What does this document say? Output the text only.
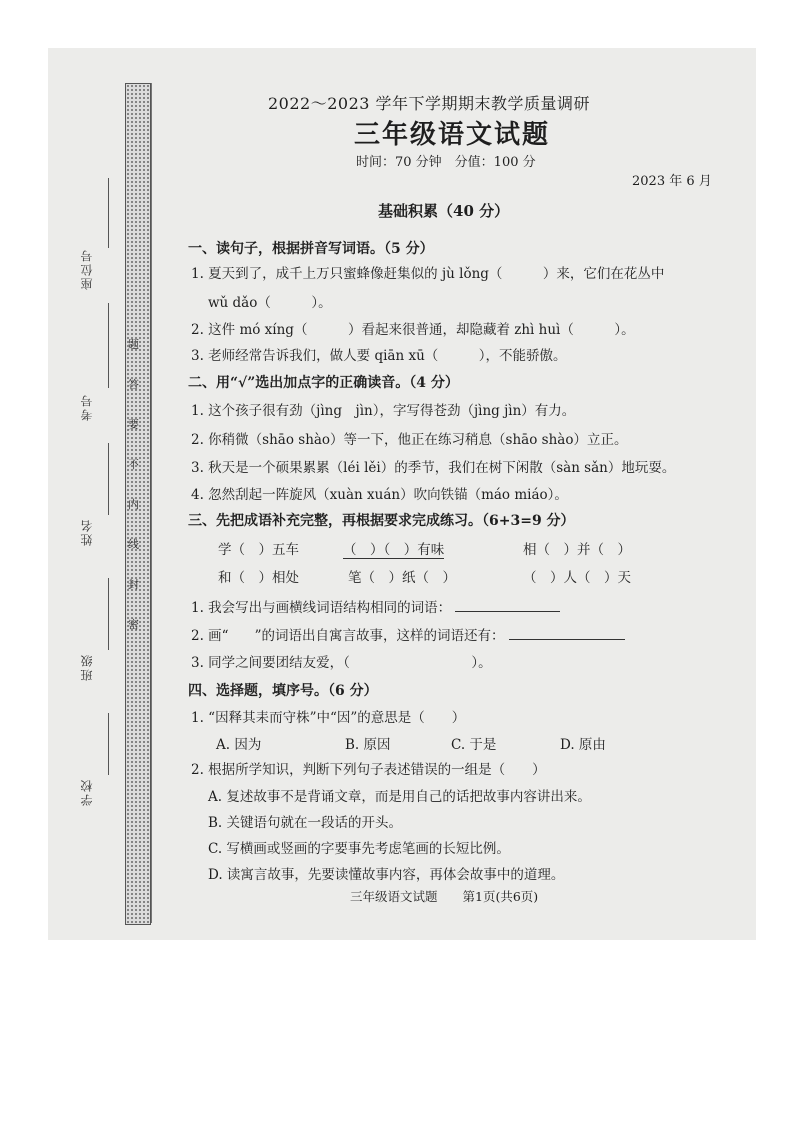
题
答
要
不
内
线
封
密
座位号
考号
姓名
班级
学校
2022～2023 学年下学期期末教学质量调研
三年级语文试题
时间：70 分钟　分值：100 分
2023 年 6 月
基础积累（40 分）
一、读句子，根据拼音写词语。（5 分）
1. 夏天到了，成千上万只蜜蜂像赶集似的 jù lǒng（　　　）来，它们在花丛中
wǔ dǎo（　　　）。
2. 这件 mó xíng（　　　）看起来很普通，却隐藏着 zhì huì（　　　）。
3. 老师经常告诉我们，做人要 qiān xū（　　　），不能骄傲。
二、用“√”选出加点字的正确读音。（4 分）
1. 这个孩子很有劲（jìng　jìn），字写得苍劲（jìng jìn）有力。
2. 你稍微（shāo shào）等一下，他正在练习稍息（shāo shào）立正。
3. 秋天是一个硕果累累（léi lěi）的季节，我们在树下闲散（sàn sǎn）地玩耍。
4. 忽然刮起一阵旋风（xuàn xuán）吹向铁锚（máo miáo）。
三、先把成语补充完整，再根据要求完成练习。（6+3=9 分）
学（　）五车	（　）（　）有味	相（　）并（　）
和（　）相处	笔（　）纸（　）	（　）人（　）天
1. 我会写出与画横线词语结构相同的词语：
2. 画“ ”的词语出自寓言故事，这样的词语还有：
3. 同学之间要团结友爱，（　　　　　　　　　）。
四、选择题，填序号。（6 分）
1. “因释其耒而守株”中“因”的意思是（　　）
A. 因为	B. 原因	C. 于是	D. 原由
2. 根据所学知识，判断下列句子表述错误的一组是（　　）
A. 复述故事不是背诵文章，而是用自己的话把故事内容讲出来。
B. 关键语句就在一段话的开头。
C. 写横画或竖画的字要事先考虑笔画的长短比例。
D. 读寓言故事，先要读懂故事内容，再体会故事中的道理。
三年级语文试题　　第1页(共6页)
